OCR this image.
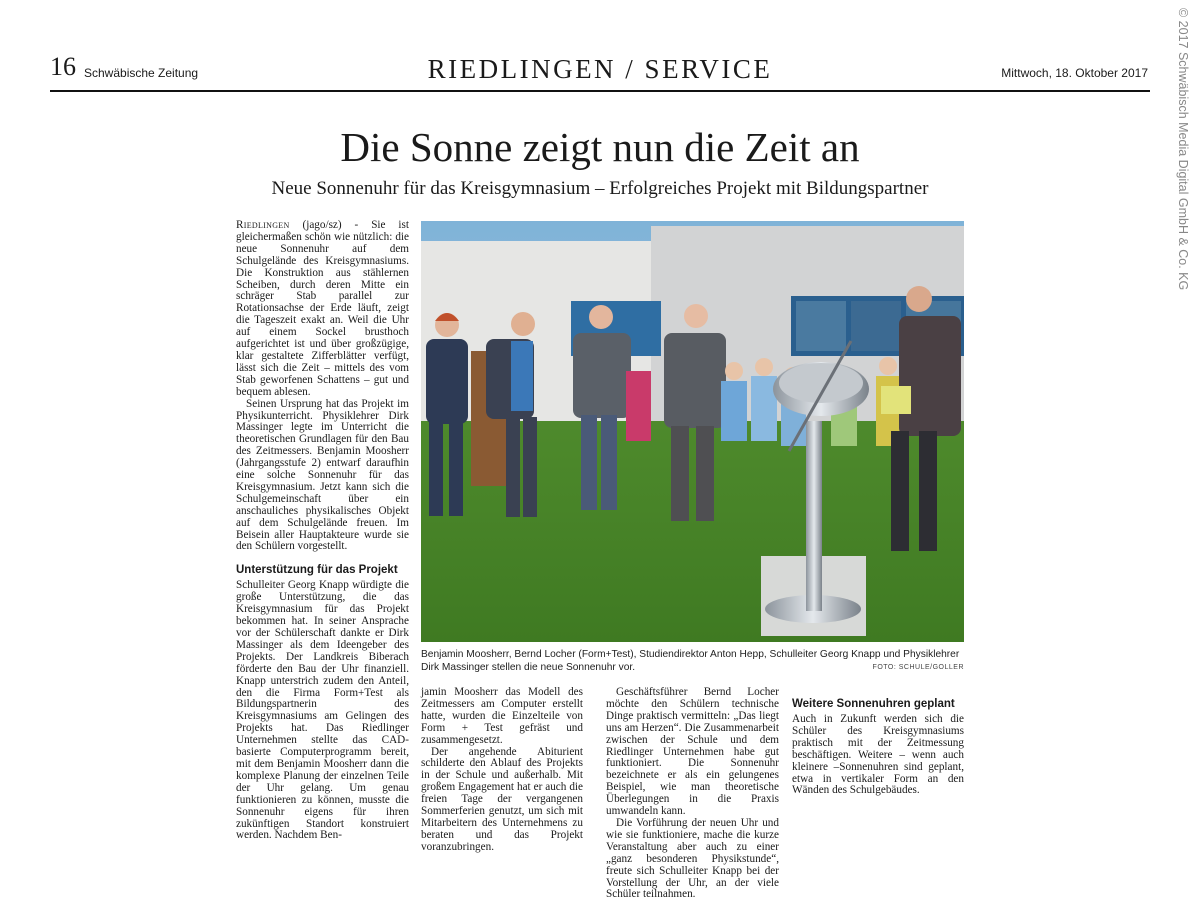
16 Schwäbische Zeitung	RIEDLINGEN / SERVICE	Mittwoch, 18. Oktober 2017 © 2017 Schwäbisch Media Digital GmbH & Co. KG
Die Sonne zeigt nun die Zeit an
Neue Sonnenuhr für das Kreisgymnasium – Erfolgreiches Projekt mit Bildungspartner

Riedlingen (jago/sz) - Sie ist gleichermaßen schön wie nützlich: die neue Sonnenuhr auf dem Schulgelände des Kreisgymnasiums. Die Konstruktion aus stählernen Scheiben, durch deren Mitte ein schräger Stab parallel zur Rotationsachse der Erde läuft, zeigt die Tageszeit exakt an. Weil die Uhr auf einem Sockel brusthoch aufgerichtet ist und über großzügige, klar gestaltete Zifferblätter verfügt, lässt sich die Zeit – mittels des vom Stab geworfenen Schattens – gut und bequem ablesen.

Seinen Ursprung hat das Projekt im Physikunterricht. Physiklehrer Dirk Massinger legte im Unterricht die theoretischen Grundlagen für den Bau des Zeitmessers. Benjamin Moosherr (Jahrgangsstufe 2) entwarf daraufhin eine solche Sonnenuhr für das Kreisgymnasium. Jetzt kann sich die Schulgemeinschaft über ein anschauliches physikalisches Objekt auf dem Schulgelände freuen. Im Beisein aller Hauptakteure wurde sie den Schülern vorgestellt.

Unterstützung für das Projekt

Schulleiter Georg Knapp würdigte die große Unterstützung, die das Kreisgymnasium für das Projekt bekommen hat. In seiner Ansprache vor der Schülerschaft dankte er Dirk Massinger als dem Ideengeber des Projekts. Der Landkreis Biberach förderte den Bau der Uhr finanziell. Knapp unterstrich zudem den Anteil, den die Firma Form+Test als Bildungspartnerin des Kreisgymnasiums am Gelingen des Projekts hat. Das Riedlinger Unternehmen stellte das CAD-basierte Computerprogramm bereit, mit dem Benjamin Moosherr dann die komplexe Planung der einzelnen Teile der Uhr gelang. Um genau funktionieren zu können, musste die Sonnenuhr eigens für ihren zukünftigen Standort konstruiert werden. Nachdem Ben-

Benjamin Moosherr, Bernd Locher (Form+Test), Studiendirektor Anton Hepp, Schulleiter Georg Knapp und Physiklehrer Dirk Massinger stellen die neue Sonnenuhr vor.	FOTO: SCHULE/GOLLER

jamin Moosherr das Modell des Zeitmessers am Computer erstellt hatte, wurden die Einzelteile von Form + Test gefräst und zusammengesetzt.

Der angehende Abiturient schilderte den Ablauf des Projekts in der Schule und außerhalb. Mit großem Engagement hat er auch die freien Tage der vergangenen Sommerferien genutzt, um sich mit Mitarbeitern des Unternehmens zu beraten und das Projekt voranzubringen.

Geschäftsführer Bernd Locher möchte den Schülern technische Dinge praktisch vermitteln: „Das liegt uns am Herzen“. Die Zusammenarbeit zwischen der Schule und dem Riedlinger Unternehmen habe gut funktioniert. Die Sonnenuhr bezeichnete er als ein gelungenes Beispiel, wie man theoretische Überlegungen in die Praxis umwandeln kann.

Die Vorführung der neuen Uhr und wie sie funktioniere, mache die kurze Veranstaltung aber auch zu einer „ganz besonderen Physikstunde“, freute sich Schulleiter Knapp bei der Vorstellung der Uhr, an der viele Schüler teilnahmen.

Weitere Sonnenuhren geplant

Auch in Zukunft werden sich die Schüler des Kreisgymnasiums praktisch mit der Zeitmessung beschäftigen. Weitere – wenn auch kleinere –Sonnenuhren sind geplant, etwa in vertikaler Form an den Wänden des Schulgebäudes.
